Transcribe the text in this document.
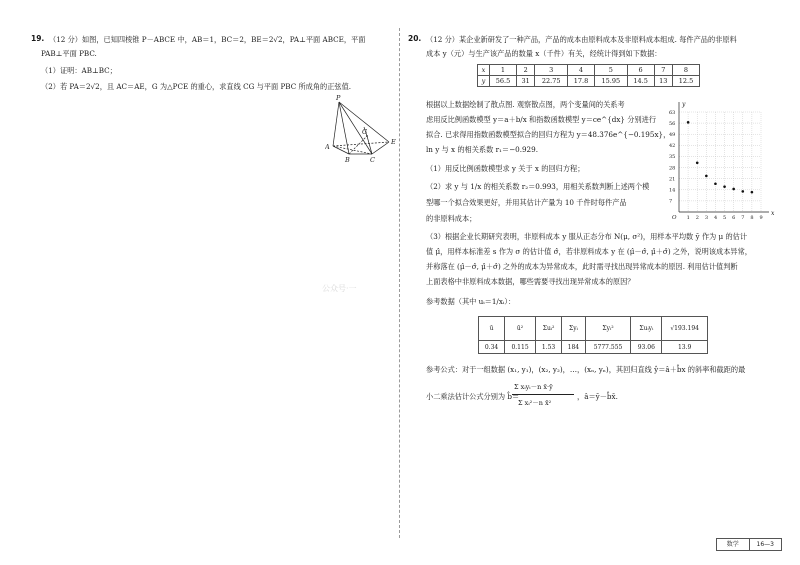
19. （12 分）如图，已知四棱锥 P－ABCE 中，AB＝1，BC＝2，BE＝2√2，PA⊥平面 ABCE，平面
PAB⊥平面 PBC.
（1）证明：AB⊥BC；
（2）若 PA＝2√2，且 AC＝AE，G 为△PCE 的重心，求直线 CG 与平面 PBC 所成角的正弦值.
P
A
B	C
E
G
20. （12 分）某企业新研发了一种产品，产品的成本由原料成本及非原料成本组成. 每件产品的非原料
成本 y（元）与生产该产品的数量 x（千件）有关，经统计得到如下数据：
x	1	2	3	4	5	6	7	8
y	56.5	31	22.75	17.8	15.95	14.5	13	12.5
根据以上数据绘制了散点图. 观察散点图，两个变量间的关系考
虑用反比例函数模型 y＝a＋b/x 和指数函数模型 y＝ce^{dx} 分别进行
拟合. 已求得用指数函数模型拟合的回归方程为 y＝48.376e^{−0.195x}，
ln y 与 x 的相关系数 r₁＝−0.929.
（1）用反比例函数模型求 y 关于 x 的回归方程；
（2）求 y 与 1/x 的相关系数 r₂＝0.993，用相关系数判断上述两个模
型哪一个拟合效果更好，并用其估计产量为 10 千件时每件产品
的非原料成本；
x
y
O 1 2 3 4 5 6 7 8 9
7
14
21
28
35
42
49
56
63
（3）根据企业长期研究表明，非原料成本 y 服从正态分布 N(μ, σ²)，用样本平均数 ȳ 作为 μ 的估计
值 μ̂，用样本标准差 s 作为 σ 的估计值 σ̂，若非原料成本 y 在 (μ̂－σ̂, μ̂＋σ̂) 之外，说明该成本异常，
并称落在 (μ̂－σ̂, μ̂＋σ̂) 之外的成本为异常成本，此时需寻找出现异常成本的原因. 利用估计值判断
上面表格中非原料成本数据，哪些需要寻找出现异常成本的原因？
公众号·一
参考数据（其中 uᵢ＝1/xᵢ）：
ū	ū²	Σuᵢ²	Σyᵢ	Σyᵢ²	Σuᵢyᵢ	√193.194
0.34	0.115	1.53	184	5777.555	93.06	13.9
参考公式：对于一组数据 (x₁, y₁)，(x₂, y₂)，…，(xₙ, yₙ)，其回归直线 ŷ＝â＋b̂x 的斜率和截距的最
小二乘法估计公式分别为 b̂＝
Σ xᵢyᵢ－n x̄·ȳ
Σ xᵢ²－n x̄²
，â＝ȳ－b̂x̄.
数学	16—3
